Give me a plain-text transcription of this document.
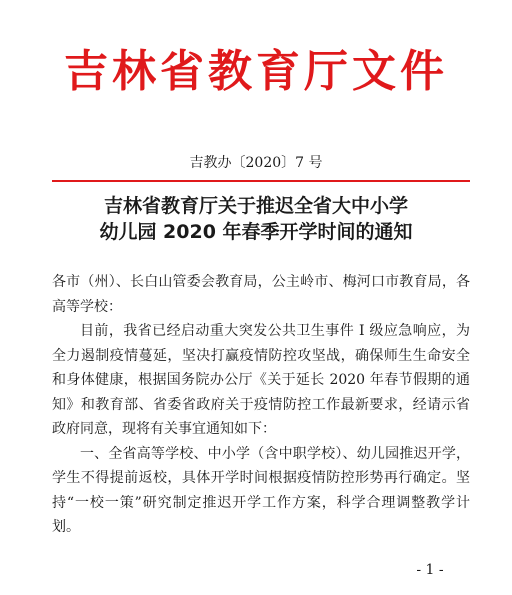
吉林省教育厅文件
吉教办〔2020〕7 号
吉林省教育厅关于推迟全省大中小学
幼儿园 2020 年春季开学时间的通知

各市（州）、长白山管委会教育局，公主岭市、梅河口市教育局，各高等学校：

目前，我省已经启动重大突发公共卫生事件 I 级应急响应，为全力遏制疫情蔓延，坚决打赢疫情防控攻坚战，确保师生生命安全和身体健康，根据国务院办公厅《关于延长 2020 年春节假期的通知》和教育部、省委省政府关于疫情防控工作最新要求，经请示省政府同意，现将有关事宜通知如下：

一、全省高等学校、中小学（含中职学校）、幼儿园推迟开学，学生不得提前返校，具体开学时间根据疫情防控形势再行确定。坚持“一校一策”研究制定推迟开学工作方案，科学合理调整教学计划。

- 1 -
